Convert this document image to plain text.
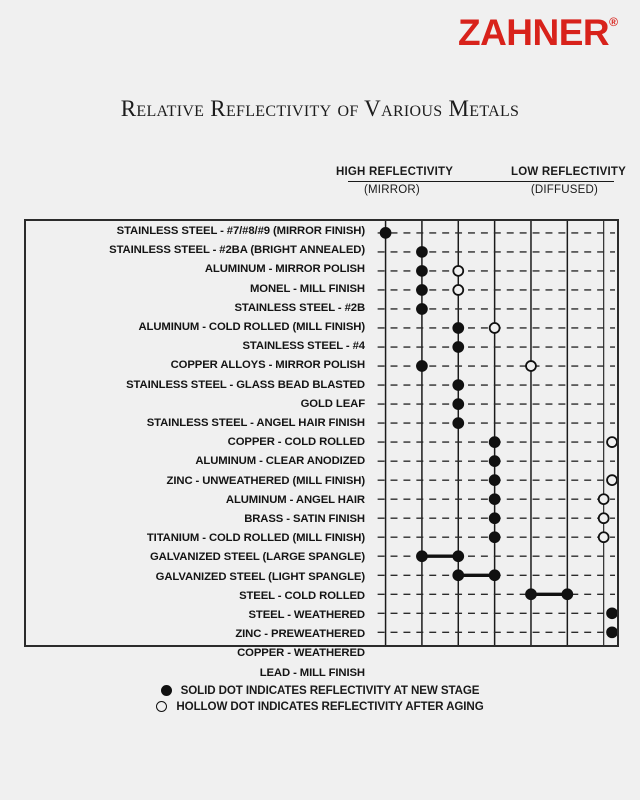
ZAHNER ®
Relative Reflectivity of Various Metals
HIGH REFLECTIVITY	LOW REFLECTIVITY
(MIRROR)	(DIFFUSED)
STAINLESS STEEL - #7/#8/#9 (MIRROR FINISH)
STAINLESS STEEL - #2BA (BRIGHT ANNEALED)
ALUMINUM - MIRROR POLISH
MONEL - MILL FINISH
STAINLESS STEEL - #2B
ALUMINUM - COLD ROLLED (MILL FINISH)
STAINLESS STEEL - #4
COPPER ALLOYS - MIRROR POLISH
STAINLESS STEEL - GLASS BEAD BLASTED
GOLD LEAF
STAINLESS STEEL - ANGEL HAIR FINISH
COPPER - COLD ROLLED
ALUMINUM - CLEAR ANODIZED
ZINC - UNWEATHERED (MILL FINISH)
ALUMINUM - ANGEL HAIR
BRASS - SATIN FINISH
TITANIUM - COLD ROLLED (MILL FINISH)
GALVANIZED STEEL (LARGE SPANGLE)
GALVANIZED STEEL (LIGHT SPANGLE)
STEEL - COLD ROLLED
STEEL - WEATHERED
ZINC - PREWEATHERED
COPPER - WEATHERED
LEAD - MILL FINISH
SOLID DOT INDICATES REFLECTIVITY AT NEW STAGE
HOLLOW DOT INDICATES REFLECTIVITY AFTER AGING
